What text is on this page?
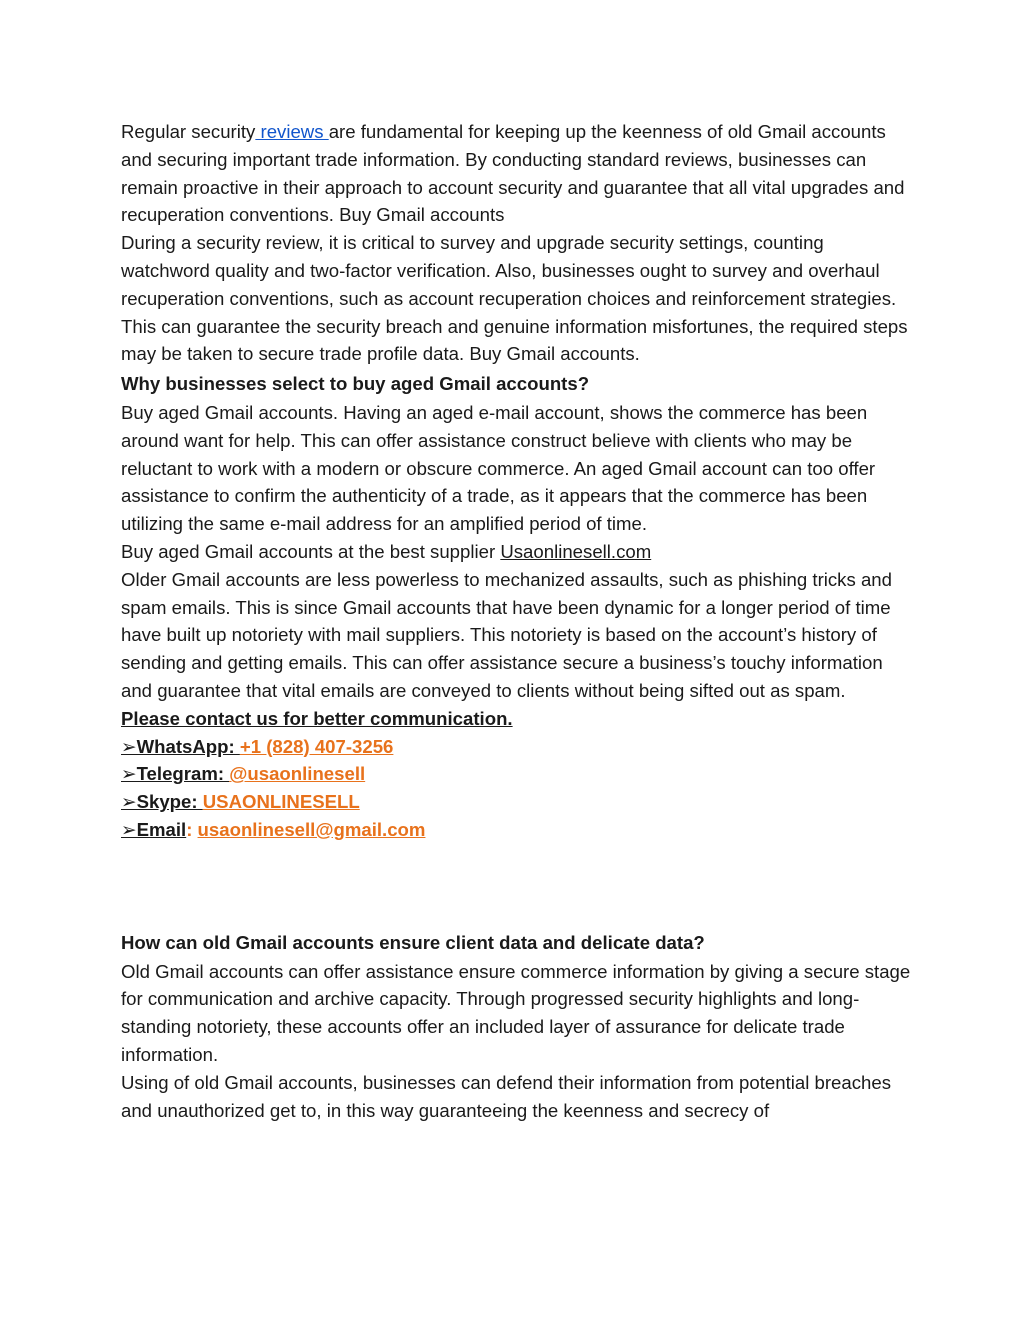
Regular security reviews are fundamental for keeping up the keenness of old Gmail accounts and securing important trade information. By conducting standard reviews, businesses can remain proactive in their approach to account security and guarantee that all vital upgrades and recuperation conventions. Buy Gmail accounts

During a security review, it is critical to survey and upgrade security settings, counting watchword quality and two-factor verification. Also, businesses ought to survey and overhaul recuperation conventions, such as account recuperation choices and reinforcement strategies. This can guarantee the security breach and genuine information misfortunes, the required steps may be taken to secure trade profile data. Buy Gmail accounts.

Why businesses select to buy aged Gmail accounts?

Buy aged Gmail accounts. Having an aged e-mail account, shows the commerce has been around want for help. This can offer assistance construct believe with clients who may be reluctant to work with a modern or obscure commerce. An aged Gmail account can too offer assistance to confirm the authenticity of a trade, as it appears that the commerce has been utilizing the same e-mail address for an amplified period of time.

Buy aged Gmail accounts at the best supplier Usaonlinesell.com

Older Gmail accounts are less powerless to mechanized assaults, such as phishing tricks and spam emails. This is since Gmail accounts that have been dynamic for a longer period of time have built up notoriety with mail suppliers. This notoriety is based on the account’s history of sending and getting emails. This can offer assistance secure a business’s touchy information and guarantee that vital emails are conveyed to clients without being sifted out as spam.

Please contact us for better communication.

➢WhatsApp: +1 (828) 407-3256

➢Telegram: @usaonlinesell

➢Skype: USAONLINESELL

➢Email: usaonlinesell@gmail.com

How can old Gmail accounts ensure client data and delicate data?

Old Gmail accounts can offer assistance ensure commerce information by giving a secure stage for communication and archive capacity. Through progressed security highlights and long-standing notoriety, these accounts offer an included layer of assurance for delicate trade information.

Using of old Gmail accounts, businesses can defend their information from potential breaches and unauthorized get to, in this way guaranteeing the keenness and secrecy of
